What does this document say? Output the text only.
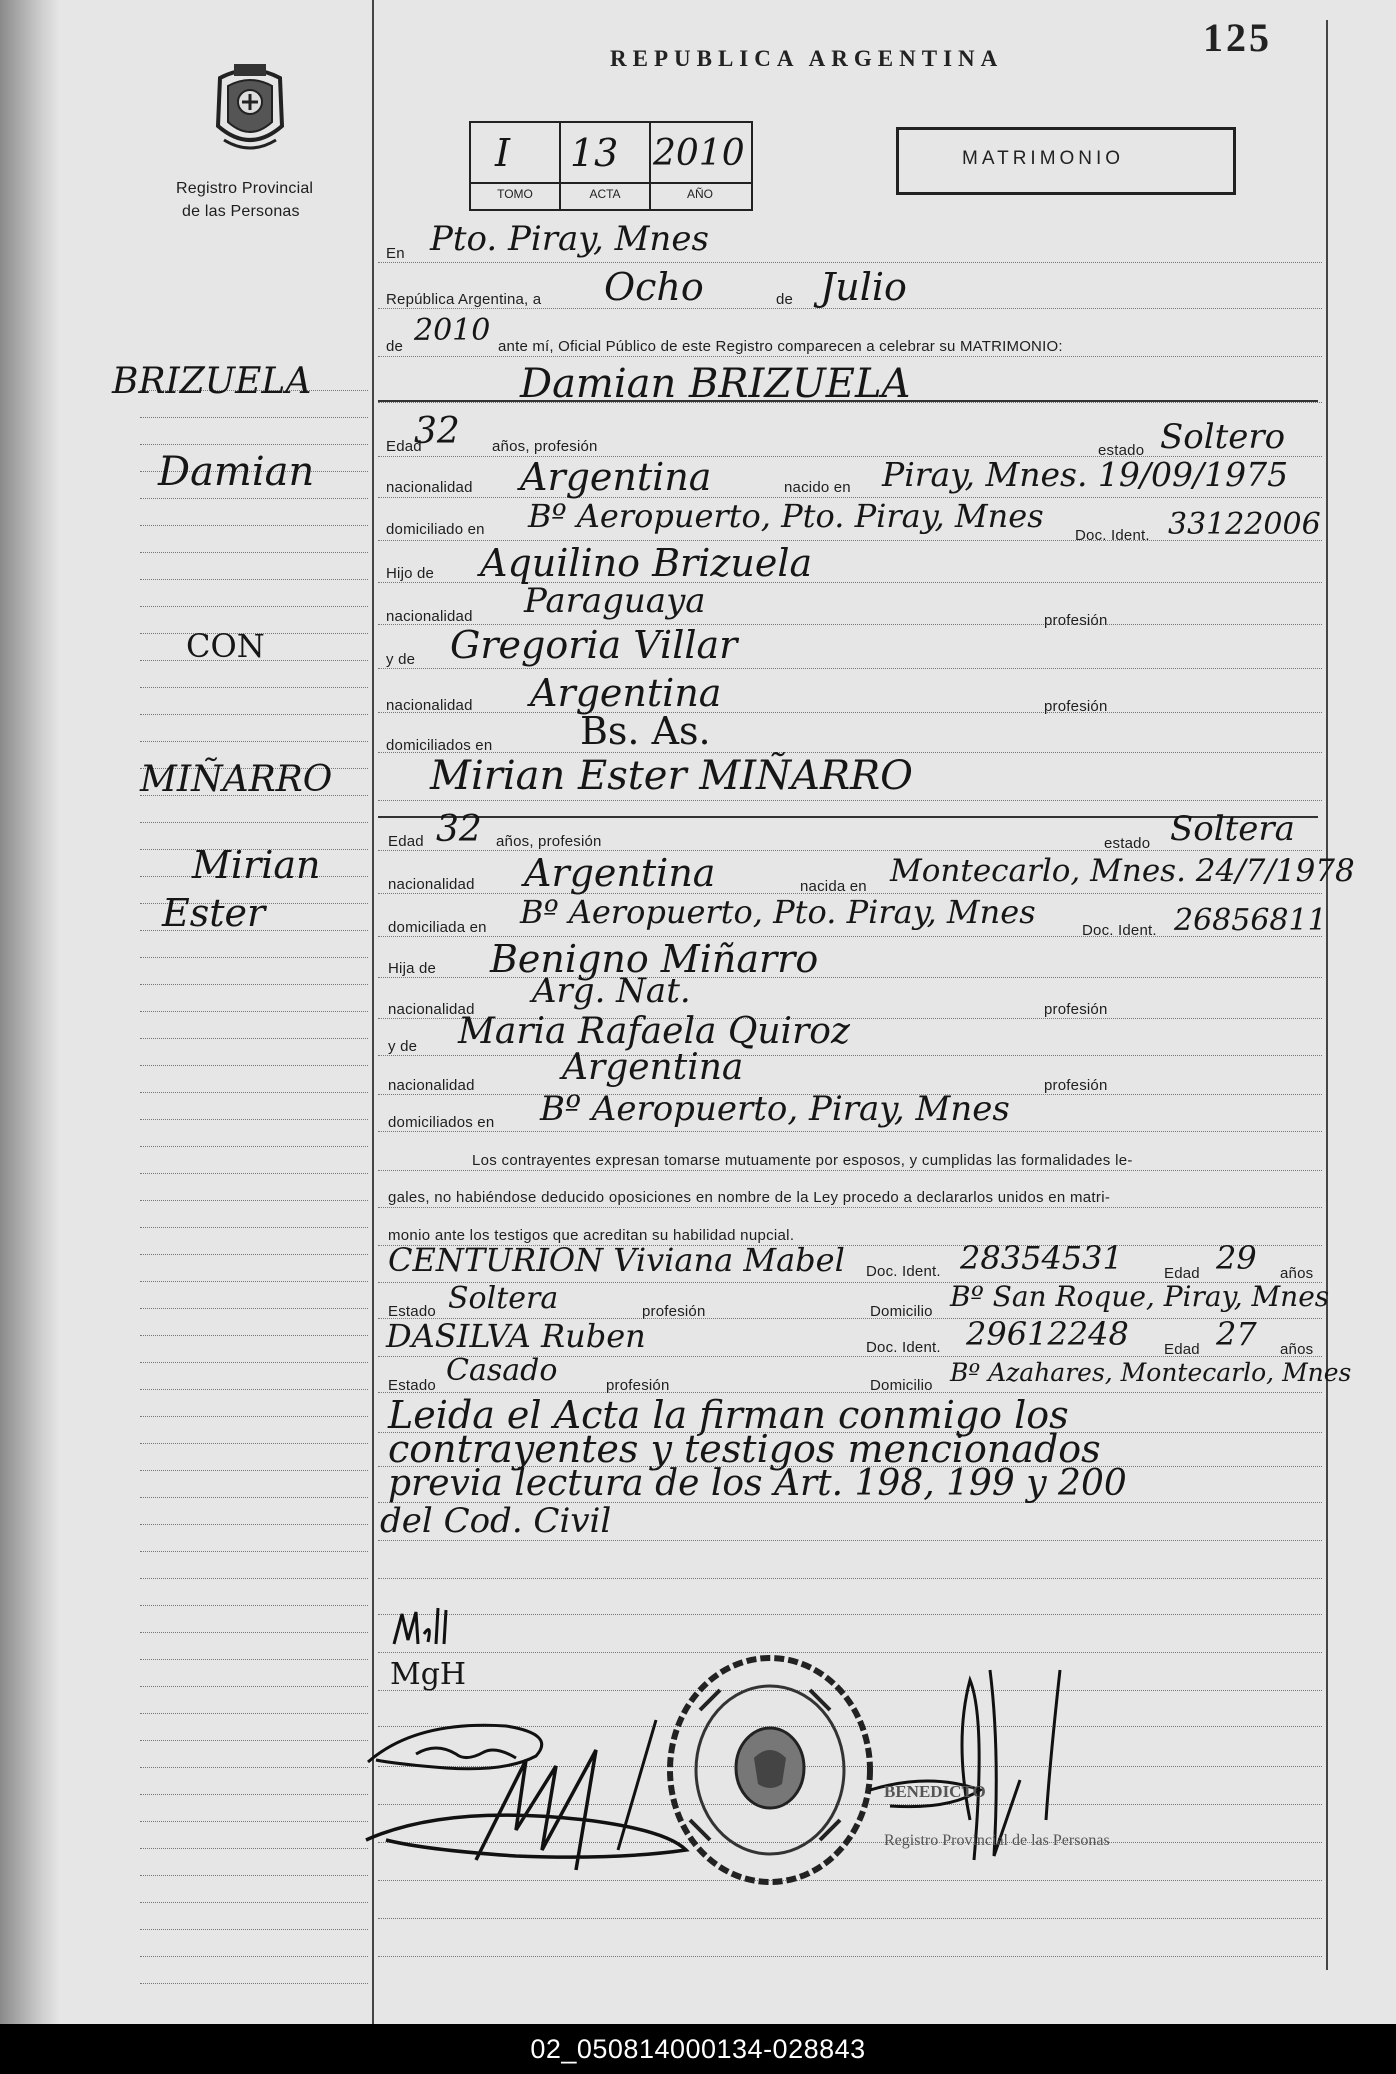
125
REPUBLICA ARGENTINA
Registro Provincial
de las Personas
I 13 2010
TOMO	ACTA	AÑO
MATRIMONIO
BRIZUELA
Damian
CON
MIÑARRO
Mirian
Ester
En Pto. Piray, Mnes
República Argentina, a Ocho	de Julio
de 2010 ante mí, Oficial Público de este Registro comparecen a celebrar su MATRIMONIO:
Damian BRIZUELA
Edad
32 años, profesión	estado Soltero
nacionalidad Argentina	nacido en Piray, Mnes. 19/09/1975
domiciliado en Bº Aeropuerto, Pto. Piray, Mnes
Doc. Ident. 33122006
Hijo de Aquilino Brizuela
nacionalidad Paraguaya	profesión
y de Gregoria Villar
nacionalidad Argentina	profesión
domiciliados en Bs. As.
Mirian Ester MIÑARRO
Edad 32 años, profesión	estado Soltera
nacionalidad Argentina	nacida en Montecarlo, Mnes. 24/7/1978
domiciliada en Bº Aeropuerto, Pto. Piray, Mnes	Doc. Ident. 26856811
Hija de Benigno Miñarro
nacionalidad Arg. Nat.	profesión
y de Maria Rafaela Quiroz
nacionalidad Argentina	profesión
domiciliados en Bº Aeropuerto, Piray, Mnes
Los contrayentes expresan tomarse mutuamente por esposos, y cumplidas las formalidades le-
gales, no habiéndose deducido oposiciones en nombre de la Ley procedo a declararlos unidos en matri-
monio ante los testigos que acreditan su habilidad nupcial.
CENTURION Viviana Mabel Doc. Ident. 28354531	Edad 29 años
Estado Soltera	profesión	Domicilio Bº San Roque, Piray, Mnes
DASILVA Ruben	Doc. Ident. 29612248 Edad 27 años
Estado Casado	profesión	Domicilio Bº Azahares, Montecarlo, Mnes
Leida el Acta la firman conmigo los
contrayentes y testigos mencionados
previa lectura de los Art. 198, 199 y 200
del Cod. Civil
MgH
BENEDICTO
Registro Provincial de las Personas
02_050814000134-028843
